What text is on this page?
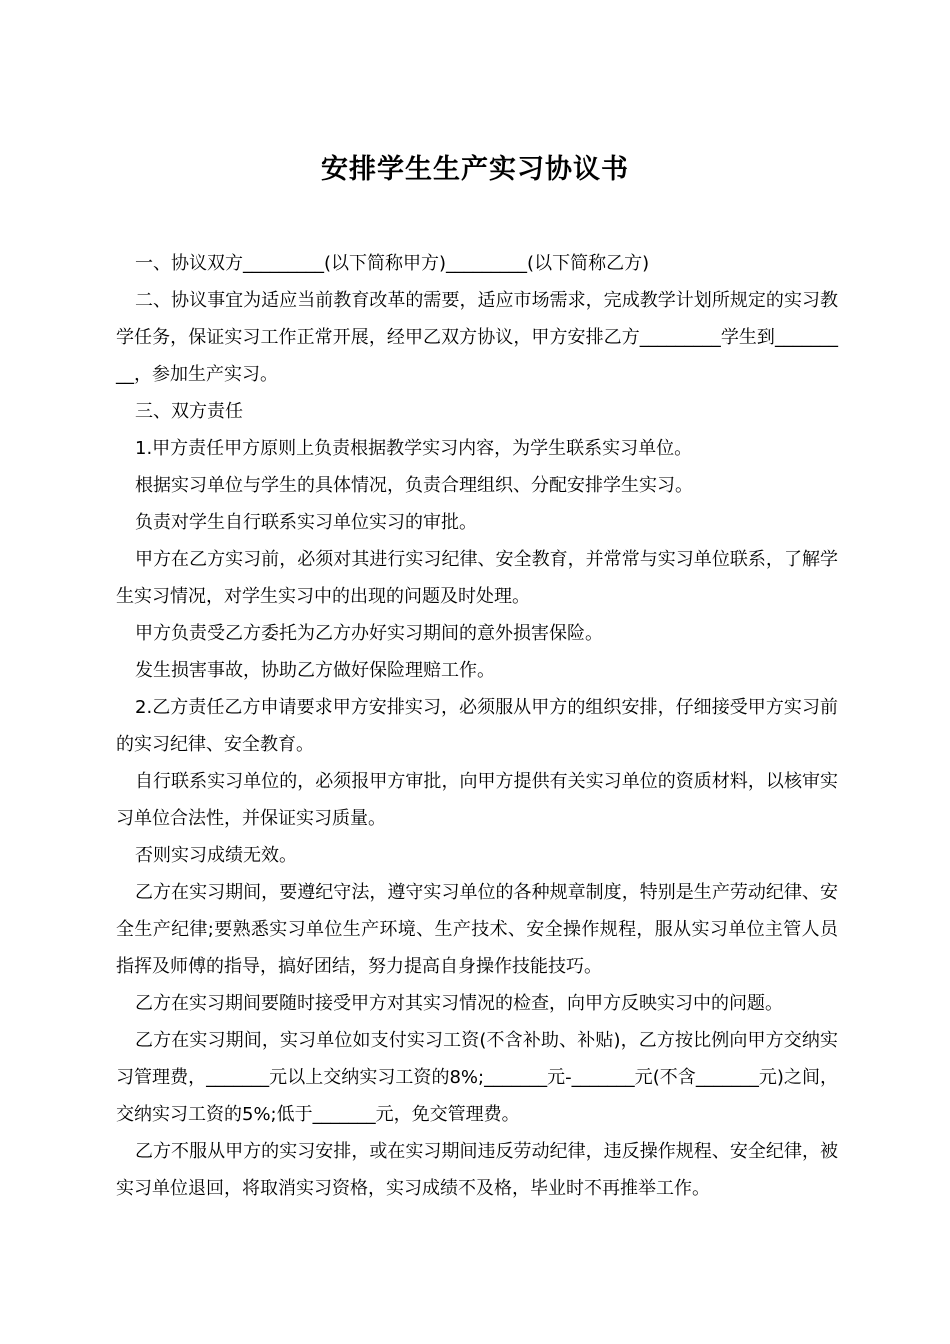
安排学生生产实习协议书

一、协议双方_________(以下简称甲方)_________(以下简称乙方)

二、协议事宜为适应当前教育改革的需要，适应市场需求，完成教学计划所规定的实习教学任务，保证实习工作正常开展，经甲乙双方协议，甲方安排乙方_________学生到_________，参加生产实习。

三、双方责任

1.甲方责任甲方原则上负责根据教学实习内容，为学生联系实习单位。

根据实习单位与学生的具体情况，负责合理组织、分配安排学生实习。

负责对学生自行联系实习单位实习的审批。

甲方在乙方实习前，必须对其进行实习纪律、安全教育，并常常与实习单位联系，了解学生实习情况，对学生实习中的出现的问题及时处理。

甲方负责受乙方委托为乙方办好实习期间的意外损害保险。

发生损害事故，协助乙方做好保险理赔工作。

2.乙方责任乙方申请要求甲方安排实习，必须服从甲方的组织安排，仔细接受甲方实习前的实习纪律、安全教育。

自行联系实习单位的，必须报甲方审批，向甲方提供有关实习单位的资质材料，以核审实习单位合法性，并保证实习质量。

否则实习成绩无效。

乙方在实习期间，要遵纪守法，遵守实习单位的各种规章制度，特别是生产劳动纪律、安全生产纪律;要熟悉实习单位生产环境、生产技术、安全操作规程，服从实习单位主管人员指挥及师傅的指导，搞好团结，努力提高自身操作技能技巧。

乙方在实习期间要随时接受甲方对其实习情况的检查，向甲方反映实习中的问题。

乙方在实习期间，实习单位如支付实习工资(不含补助、补贴)，乙方按比例向甲方交纳实习管理费，_______元以上交纳实习工资的8%;_______元-_______元(不含_______元)之间，交纳实习工资的5%;低于_______元，免交管理费。

乙方不服从甲方的实习安排，或在实习期间违反劳动纪律，违反操作规程、安全纪律，被实习单位退回，将取消实习资格，实习成绩不及格，毕业时不再推举工作。
